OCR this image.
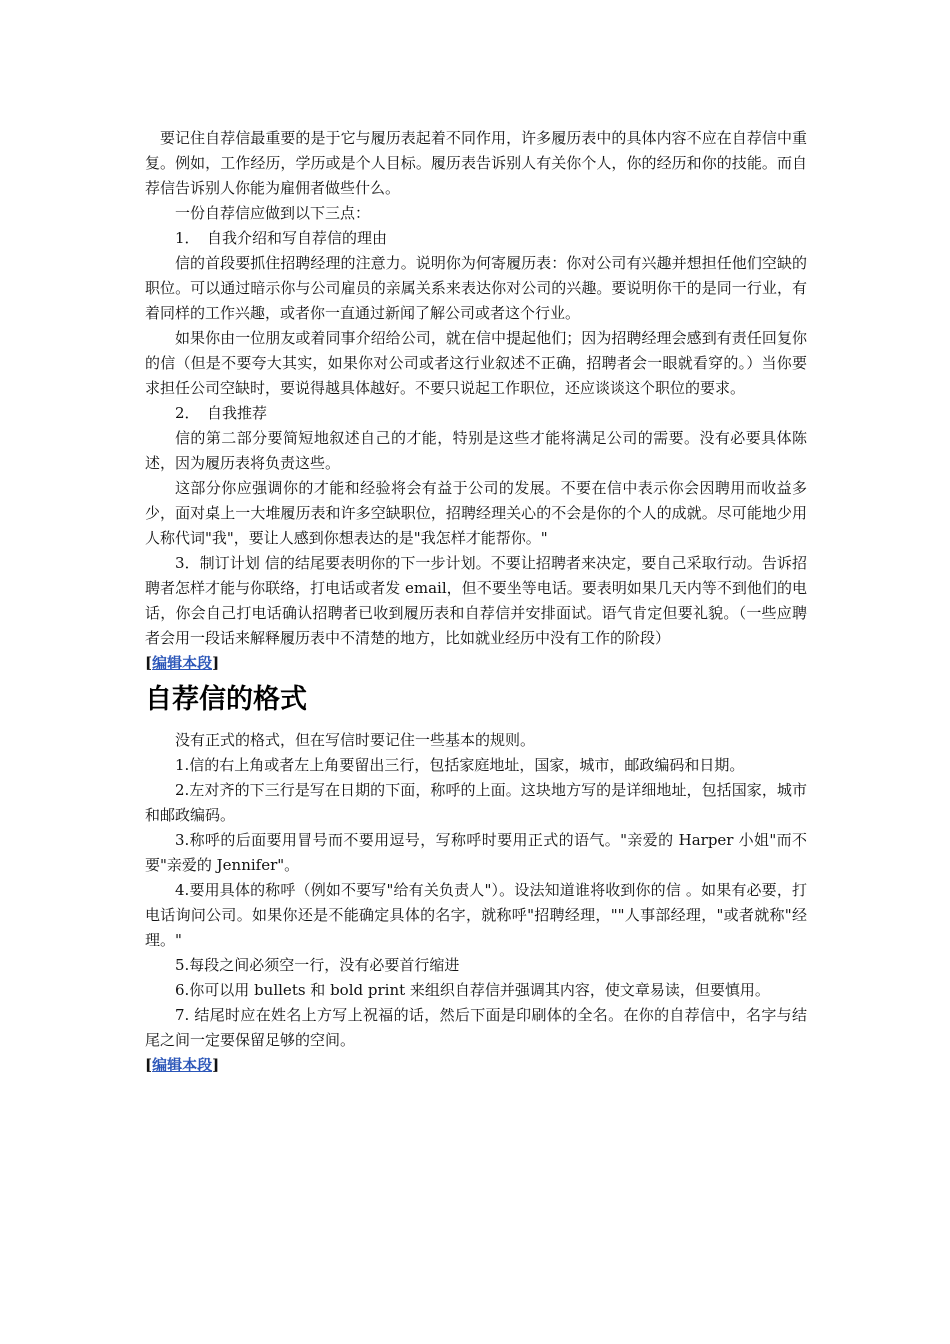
要记住自荐信最重要的是于它与履历表起着不同作用，许多履历表中的具体内容不应在自荐信中重复。例如，工作经历，学历或是个人目标。履历表告诉别人有关你个人，你的经历和你的技能。而自荐信告诉别人你能为雇佣者做些什么。

一份自荐信应做到以下三点：

1．　自我介绍和写自荐信的理由

信的首段要抓住招聘经理的注意力。说明你为何寄履历表：你对公司有兴趣并想担任他们空缺的职位。可以通过暗示你与公司雇员的亲属关系来表达你对公司的兴趣。要说明你干的是同一行业，有着同样的工作兴趣，或者你一直通过新闻了解公司或者这个行业。

如果你由一位朋友或着同事介绍给公司，就在信中提起他们；因为招聘经理会感到有责任回复你的信（但是不要夸大其实，如果你对公司或者这行业叙述不正确，招聘者会一眼就看穿的。）当你要求担任公司空缺时，要说得越具体越好。不要只说起工作职位，还应谈谈这个职位的要求。

2．　自我推荐

信的第二部分要简短地叙述自己的才能，特别是这些才能将满足公司的需要。没有必要具体陈述，因为履历表将负责这些。

这部分你应强调你的才能和经验将会有益于公司的发展。不要在信中表示你会因聘用而收益多少，面对桌上一大堆履历表和许多空缺职位，招聘经理关心的不会是你的个人的成就。尽可能地少用人称代词"我"，要让人感到你想表达的是"我怎样才能帮你。"

3．制订计划 信的结尾要表明你的下一步计划。不要让招聘者来决定，要自己采取行动。告诉招聘者怎样才能与你联络，打电话或者发 email，但不要坐等电话。要表明如果几天内等不到他们的电话，你会自己打电话确认招聘者已收到履历表和自荐信并安排面试。语气肯定但要礼貌。（一些应聘者会用一段话来解释履历表中不清楚的地方，比如就业经历中没有工作的阶段）

[编辑本段]
自荐信的格式

没有正式的格式，但在写信时要记住一些基本的规则。

1.信的右上角或者左上角要留出三行，包括家庭地址，国家，城市，邮政编码和日期。

2.左对齐的下三行是写在日期的下面，称呼的上面。这块地方写的是详细地址，包括国家，城市和邮政编码。

3.称呼的后面要用冒号而不要用逗号，写称呼时要用正式的语气。"亲爱的 Harper 小姐"而不要"亲爱的 Jennifer"。

4.要用具体的称呼（例如不要写"给有关负责人"）。设法知道谁将收到你的信 。如果有必要，打电话询问公司。如果你还是不能确定具体的名字，就称呼"招聘经理，""人事部经理，"或者就称"经理。"

5.每段之间必须空一行，没有必要首行缩进

6.你可以用 bullets 和 bold print 来组织自荐信并强调其内容，使文章易读，但要慎用。

7. 结尾时应在姓名上方写上祝福的话，然后下面是印刷体的全名。在你的自荐信中，名字与结尾之间一定要保留足够的空间。

[编辑本段]
